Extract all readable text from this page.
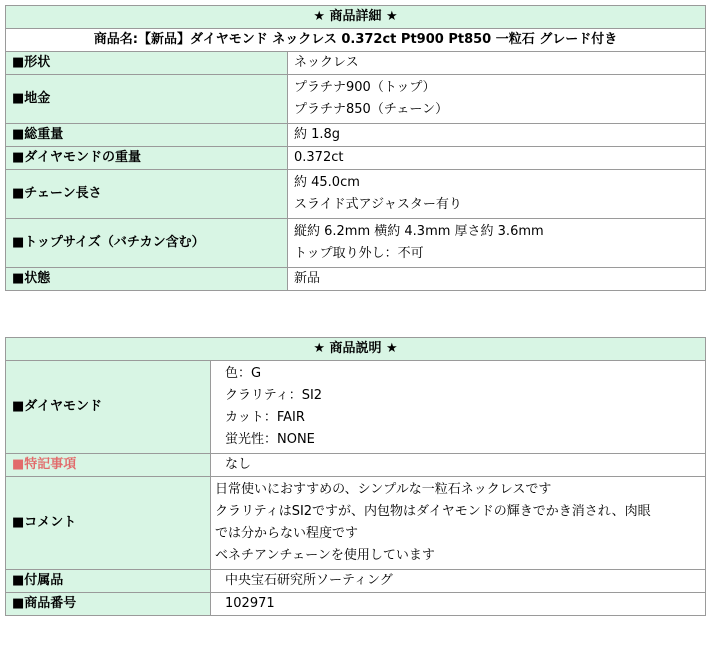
★ 商品詳細 ★	
商品名:【新品】ダイヤモンド ネックレス 0.372ct Pt900 Pt850 一粒石 グレード付き	
■形状	ネックレス

■地金	プラチナ900（トップ）
プラチナ850（チェーン）

■総重量	約 1.8g

■ダイヤモンドの重量	0.372ct

■チェーン長さ	約 45.0cm
スライド式アジャスター有り

■トップサイズ（バチカン含む）	縦約 6.2mm 横約 4.3mm 厚さ約 3.6mm
トップ取り外し：不可

■状態	新品
★ 商品説明 ★	
■ダイヤモンド	色：G
クラリティ：SI2
カット：FAIR
蛍光性：NONE

■特記事項	なし

■コメント	日常使いにおすすめの、シンプルな一粒石ネックレスです
クラリティはSI2ですが、内包物はダイヤモンドの輝きでかき消され、肉眼
では分からない程度です
ベネチアンチェーンを使用しています

■付属品	中央宝石研究所ソーティング

■商品番号	102971
